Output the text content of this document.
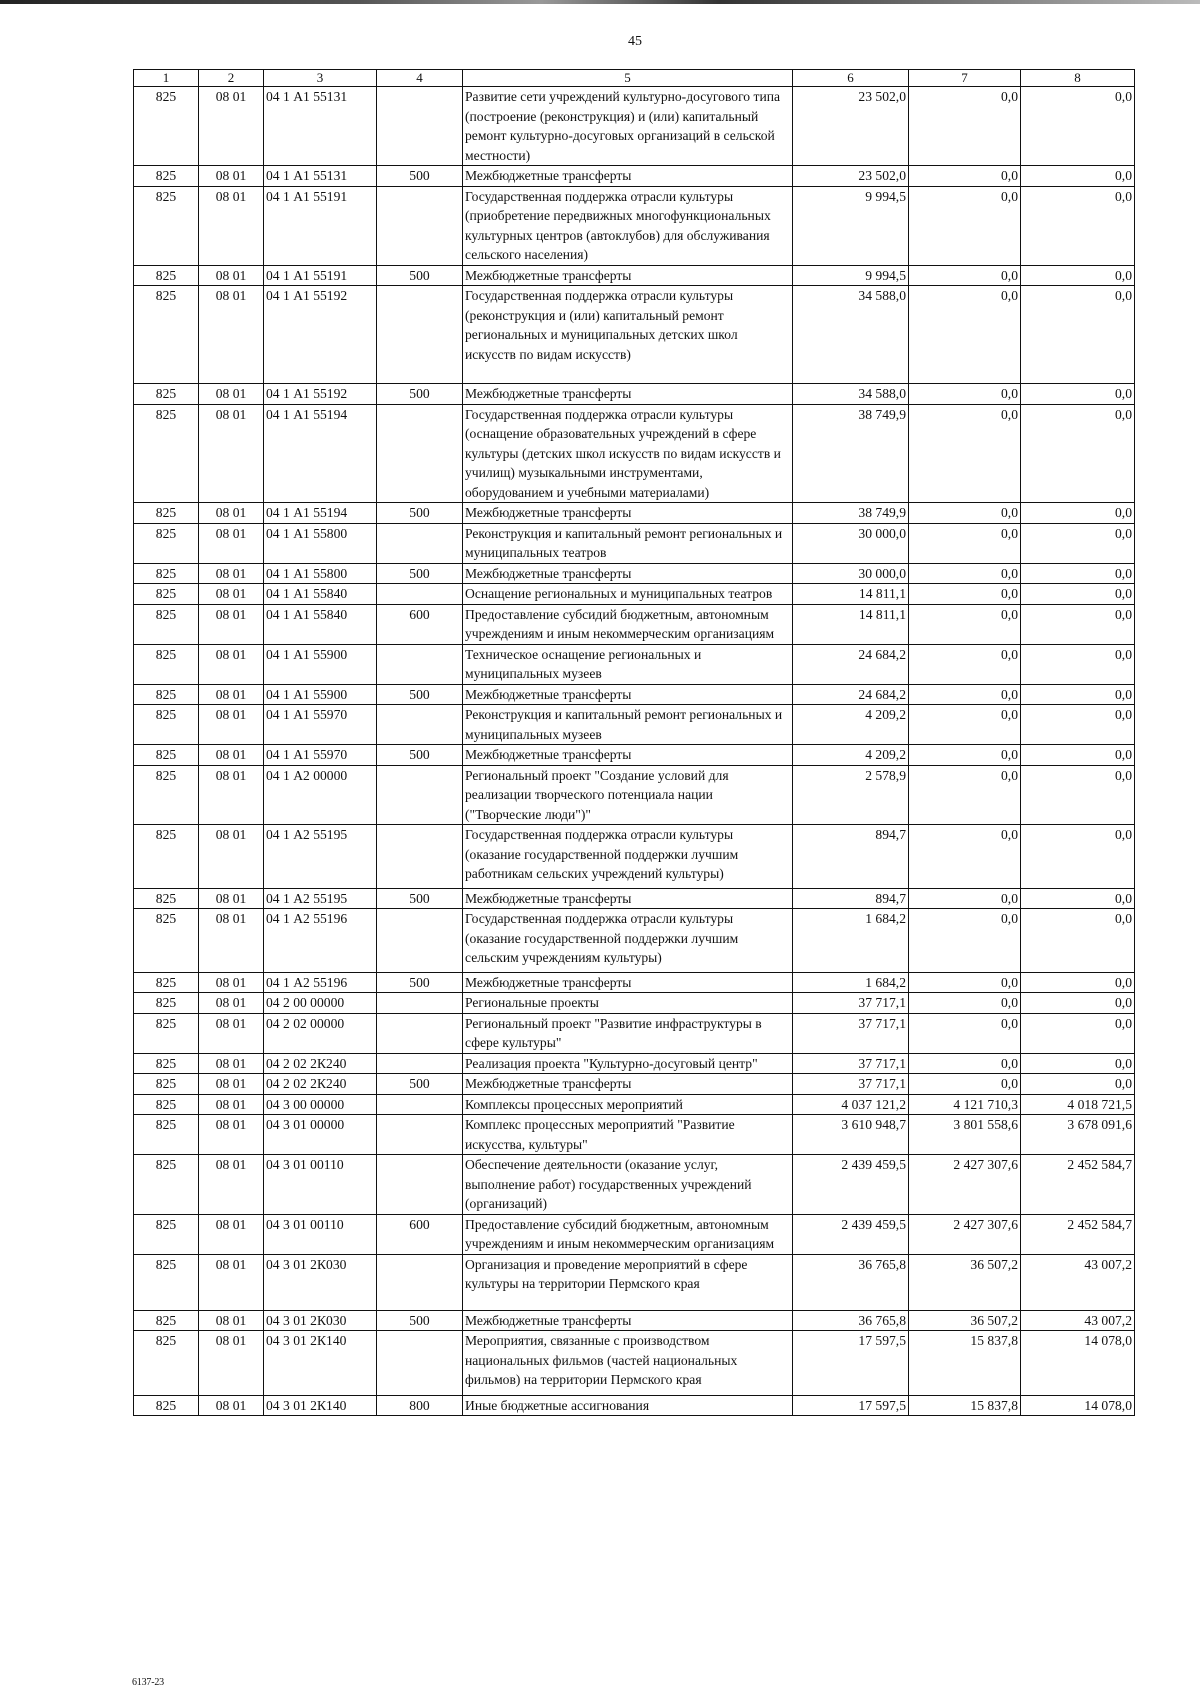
45
1	2	3	4	5	6	7	8
825	08 01	04 1 А1 55131		Развитие сети учреждений культурно-досугового типа (построение (реконструкция) и (или) капитальный ремонт культурно-досуговых организаций в сельской местности)	23 502,0	0,0	0,0
825	08 01	04 1 А1 55131	500	Межбюджетные трансферты	23 502,0	0,0	0,0
825	08 01	04 1 А1 55191		Государственная поддержка отрасли культуры (приобретение передвижных многофункциональных культурных центров (автоклубов) для обслуживания сельского населения)	9 994,5	0,0	0,0
825	08 01	04 1 А1 55191	500	Межбюджетные трансферты	9 994,5	0,0	0,0
825	08 01	04 1 А1 55192		Государственная поддержка отрасли культуры (реконструкция и (или) капитальный ремонт региональных и муниципальных детских школ искусств по видам искусств)	34 588,0	0,0	0,0
825	08 01	04 1 А1 55192	500	Межбюджетные трансферты	34 588,0	0,0	0,0
825	08 01	04 1 А1 55194		Государственная поддержка отрасли культуры (оснащение образовательных учреждений в сфере культуры (детских школ искусств по видам искусств и училищ) музыкальными инструментами, оборудованием и учебными материалами)	38 749,9	0,0	0,0
825	08 01	04 1 А1 55194	500	Межбюджетные трансферты	38 749,9	0,0	0,0
825	08 01	04 1 А1 55800		Реконструкция и капитальный ремонт региональных и муниципальных театров	30 000,0	0,0	0,0
825	08 01	04 1 А1 55800	500	Межбюджетные трансферты	30 000,0	0,0	0,0
825	08 01	04 1 А1 55840		Оснащение региональных и муниципальных театров	14 811,1	0,0	0,0
825	08 01	04 1 А1 55840	600	Предоставление субсидий бюджетным, автономным учреждениям и иным некоммерческим организациям	14 811,1	0,0	0,0
825	08 01	04 1 А1 55900		Техническое оснащение региональных и муниципальных музеев	24 684,2	0,0	0,0
825	08 01	04 1 А1 55900	500	Межбюджетные трансферты	24 684,2	0,0	0,0
825	08 01	04 1 А1 55970		Реконструкция и капитальный ремонт региональных и муниципальных музеев	4 209,2	0,0	0,0
825	08 01	04 1 А1 55970	500	Межбюджетные трансферты	4 209,2	0,0	0,0
825	08 01	04 1 А2 00000		Региональный проект "Создание условий для реализации творческого потенциала нации ("Творческие люди")"	2 578,9	0,0	0,0
825	08 01	04 1 А2 55195		Государственная поддержка отрасли культуры (оказание государственной поддержки лучшим работникам сельских учреждений культуры)	894,7	0,0	0,0
825	08 01	04 1 А2 55195	500	Межбюджетные трансферты	894,7	0,0	0,0
825	08 01	04 1 А2 55196		Государственная поддержка отрасли культуры (оказание государственной поддержки лучшим сельским учреждениям культуры)	1 684,2	0,0	0,0
825	08 01	04 1 А2 55196	500	Межбюджетные трансферты	1 684,2	0,0	0,0
825	08 01	04 2 00 00000		Региональные проекты	37 717,1	0,0	0,0
825	08 01	04 2 02 00000		Региональный проект "Развитие инфраструктуры в сфере культуры"	37 717,1	0,0	0,0
825	08 01	04 2 02 2К240		Реализация проекта "Культурно-досуговый центр"	37 717,1	0,0	0,0
825	08 01	04 2 02 2К240	500	Межбюджетные трансферты	37 717,1	0,0	0,0
825	08 01	04 3 00 00000		Комплексы процессных мероприятий	4 037 121,2	4 121 710,3	4 018 721,5
825	08 01	04 3 01 00000		Комплекс процессных мероприятий "Развитие искусства, культуры"	3 610 948,7	3 801 558,6	3 678 091,6
825	08 01	04 3 01 00110		Обеспечение деятельности (оказание услуг, выполнение работ) государственных учреждений (организаций)	2 439 459,5	2 427 307,6	2 452 584,7
825	08 01	04 3 01 00110	600	Предоставление субсидий бюджетным, автономным учреждениям и иным некоммерческим организациям	2 439 459,5	2 427 307,6	2 452 584,7
825	08 01	04 3 01 2К030		Организация и проведение мероприятий в сфере культуры на территории Пермского края	36 765,8	36 507,2	43 007,2
825	08 01	04 3 01 2К030	500	Межбюджетные трансферты	36 765,8	36 507,2	43 007,2
825	08 01	04 3 01 2К140		Мероприятия, связанные с производством национальных фильмов (частей национальных фильмов) на территории Пермского края	17 597,5	15 837,8	14 078,0
825	08 01	04 3 01 2К140	800	Иные бюджетные ассигнования	17 597,5	15 837,8	14 078,0
6137-23
